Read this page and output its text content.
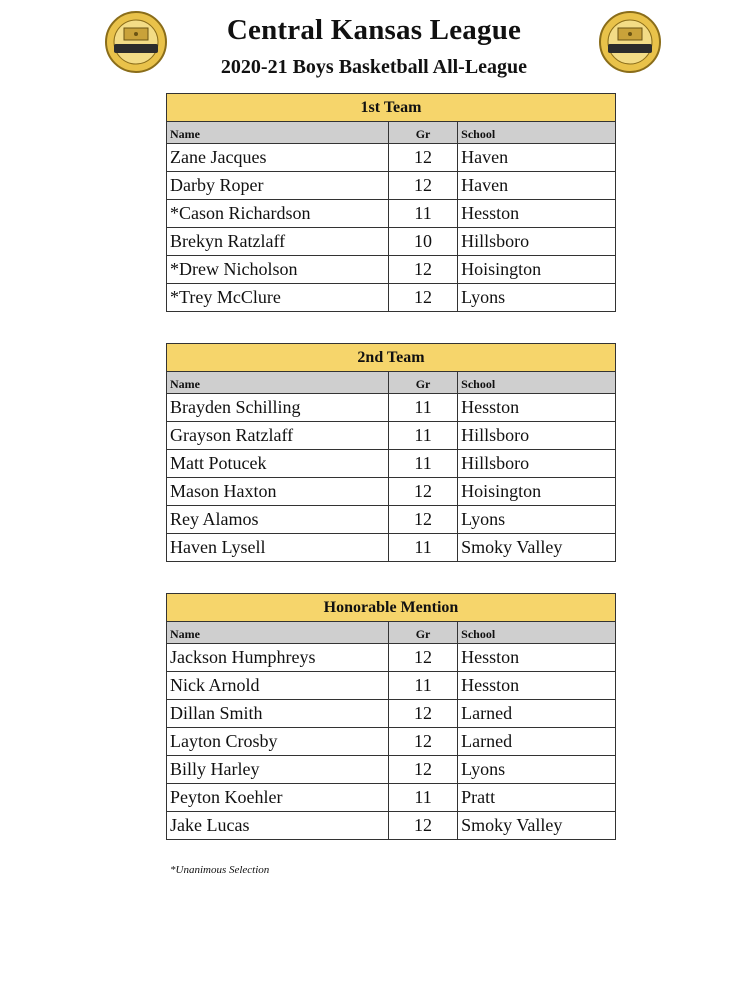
Central Kansas League
2020-21 Boys Basketball All-League
1st Team		
Name	Gr	School
Zane Jacques	12	Haven
Darby Roper	12	Haven
*Cason Richardson	11	Hesston
Brekyn Ratzlaff	10	Hillsboro
*Drew Nicholson	12	Hoisington
*Trey McClure	12	Lyons
2nd Team		
Name	Gr	School
Brayden Schilling	11	Hesston
Grayson Ratzlaff	11	Hillsboro
Matt Potucek	11	Hillsboro
Mason Haxton	12	Hoisington
Rey Alamos	12	Lyons
Haven Lysell	11	Smoky Valley
Honorable Mention		
Name	Gr	School
Jackson Humphreys	12	Hesston
Nick Arnold	11	Hesston
Dillan Smith	12	Larned
Layton Crosby	12	Larned
Billy Harley	12	Lyons
Peyton Koehler	11	Pratt
Jake Lucas	12	Smoky Valley
*Unanimous Selection
